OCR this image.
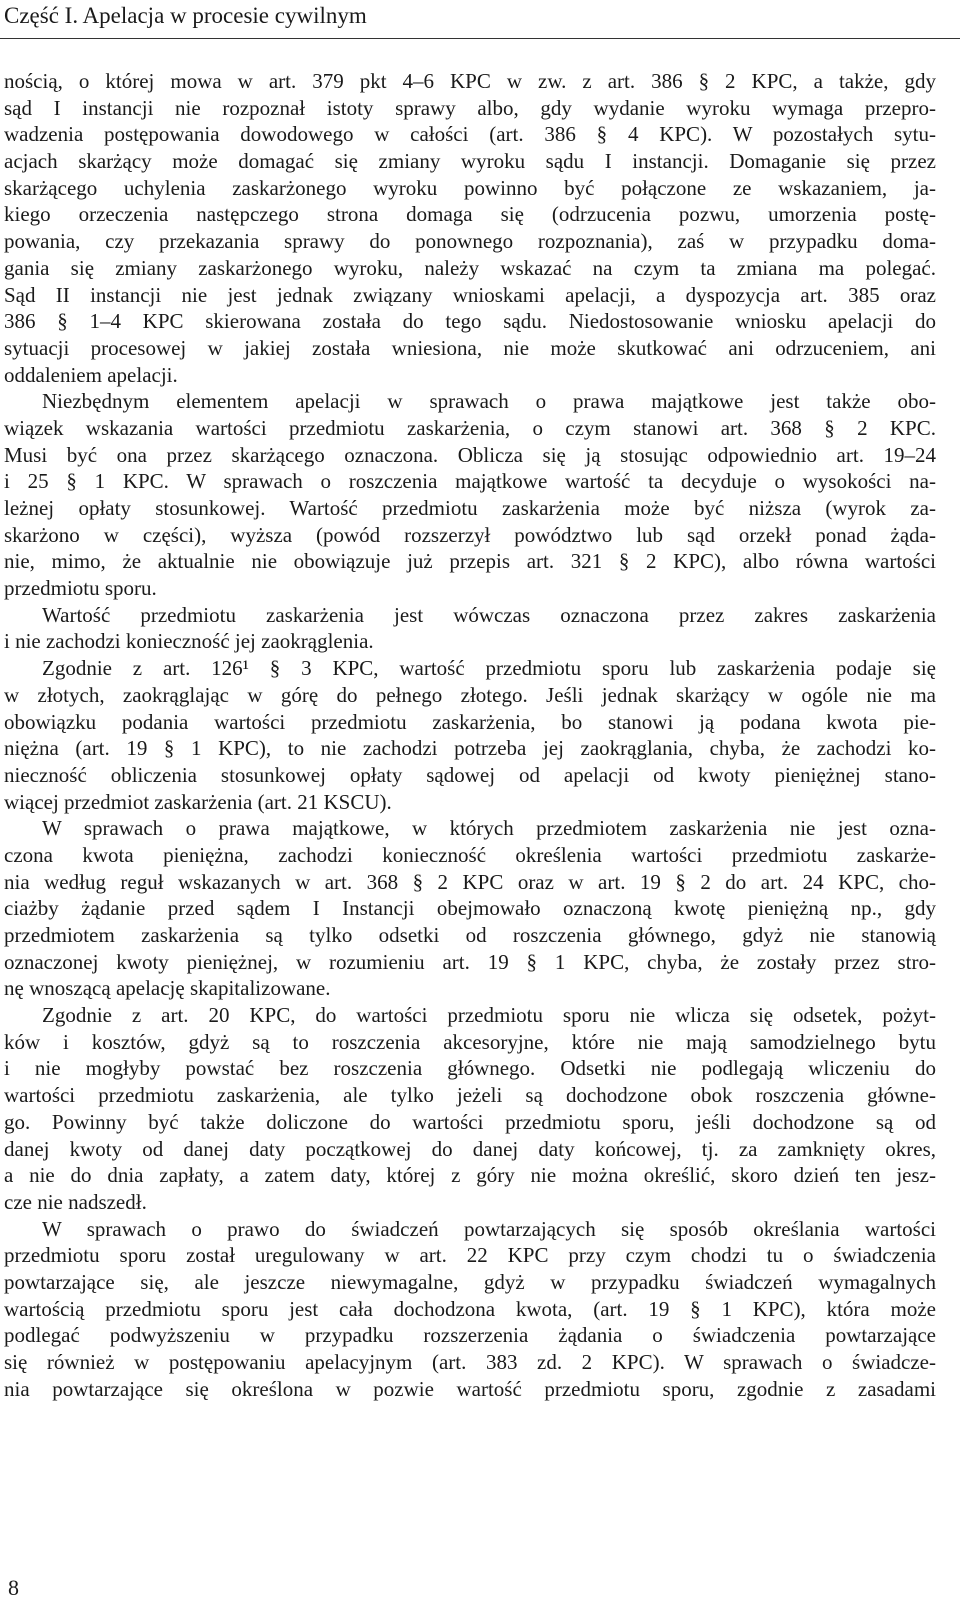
Część I. Apelacja w procesie cywilnym

nością, o której mowa w art. 379 pkt 4–6 KPC w zw. z art. 386 § 2 KPC, a także, gdy
sąd I instancji nie rozpoznał istoty sprawy albo, gdy wydanie wyroku wymaga przepro-
wadzenia postępowania dowodowego w całości (art. 386 § 4 KPC). W pozostałych sytu-
acjach skarżący może domagać się zmiany wyroku sądu I instancji. Domaganie się przez
skarżącego uchylenia zaskarżonego wyroku powinno być połączone ze wskazaniem, ja-
kiego orzeczenia następczego strona domaga się (odrzucenia pozwu, umorzenia postę-
powania, czy przekazania sprawy do ponownego rozpoznania), zaś w przypadku doma-
gania się zmiany zaskarżonego wyroku, należy wskazać na czym ta zmiana ma polegać.
Sąd II instancji nie jest jednak związany wnioskami apelacji, a dyspozycja art. 385 oraz
386 § 1–4 KPC skierowana została do tego sądu. Niedostosowanie wniosku apelacji do
sytuacji procesowej w jakiej została wniesiona, nie może skutkować ani odrzuceniem, ani
oddaleniem apelacji.

Niezbędnym elementem apelacji w sprawach o prawa majątkowe jest także obo-
wiązek wskazania wartości przedmiotu zaskarżenia, o czym stanowi art. 368 § 2 KPC.
Musi być ona przez skarżącego oznaczona. Oblicza się ją stosując odpowiednio art. 19–24
i 25 § 1 KPC. W sprawach o roszczenia majątkowe wartość ta decyduje o wysokości na-
leżnej opłaty stosunkowej. Wartość przedmiotu zaskarżenia może być niższa (wyrok za-
skarżono w części), wyższa (powód rozszerzył powództwo lub sąd orzekł ponad żąda-
nie, mimo, że aktualnie nie obowiązuje już przepis art. 321 § 2 KPC), albo równa wartości
przedmiotu sporu.

Wartość przedmiotu zaskarżenia jest wówczas oznaczona przez zakres zaskarżenia
i nie zachodzi konieczność jej zaokrąglenia.

Zgodnie z art. 126¹ § 3 KPC, wartość przedmiotu sporu lub zaskarżenia podaje się
w złotych, zaokrąglając w górę do pełnego złotego. Jeśli jednak skarżący w ogóle nie ma
obowiązku podania wartości przedmiotu zaskarżenia, bo stanowi ją podana kwota pie-
niężna (art. 19 § 1 KPC), to nie zachodzi potrzeba jej zaokrąglania, chyba, że zachodzi ko-
nieczność obliczenia stosunkowej opłaty sądowej od apelacji od kwoty pieniężnej stano-
wiącej przedmiot zaskarżenia (art. 21 KSCU).

W sprawach o prawa majątkowe, w których przedmiotem zaskarżenia nie jest ozna-
czona kwota pieniężna, zachodzi konieczność określenia wartości przedmiotu zaskarże-
nia według reguł wskazanych w art. 368 § 2 KPC oraz w art. 19 § 2 do art. 24 KPC, cho-
ciażby żądanie przed sądem I Instancji obejmowało oznaczoną kwotę pieniężną np., gdy
przedmiotem zaskarżenia są tylko odsetki od roszczenia głównego, gdyż nie stanowią
oznaczonej kwoty pieniężnej, w rozumieniu art. 19 § 1 KPC, chyba, że zostały przez stro-
nę wnoszącą apelację skapitalizowane.

Zgodnie z art. 20 KPC, do wartości przedmiotu sporu nie wlicza się odsetek, pożyt-
ków i kosztów, gdyż są to roszczenia akcesoryjne, które nie mają samodzielnego bytu
i nie mogłyby powstać bez roszczenia głównego. Odsetki nie podlegają wliczeniu do
wartości przedmiotu zaskarżenia, ale tylko jeżeli są dochodzone obok roszczenia główne-
go. Powinny być także doliczone do wartości przedmiotu sporu, jeśli dochodzone są od
danej kwoty od danej daty początkowej do danej daty końcowej, tj. za zamknięty okres,
a nie do dnia zapłaty, a zatem daty, której z góry nie można określić, skoro dzień ten jesz-
cze nie nadszedł.

W sprawach o prawo do świadczeń powtarzających się sposób określania wartości
przedmiotu sporu został uregulowany w art. 22 KPC przy czym chodzi tu o świadczenia
powtarzające się, ale jeszcze niewymagalne, gdyż w przypadku świadczeń wymagalnych
wartością przedmiotu sporu jest cała dochodzona kwota, (art. 19 § 1 KPC), która może
podlegać podwyższeniu w przypadku rozszerzenia żądania o świadczenia powtarzające
się również w postępowaniu apelacyjnym (art. 383 zd. 2 KPC). W sprawach o świadcze-
nia powtarzające się określona w pozwie wartość przedmiotu sporu, zgodnie z zasadami

8
